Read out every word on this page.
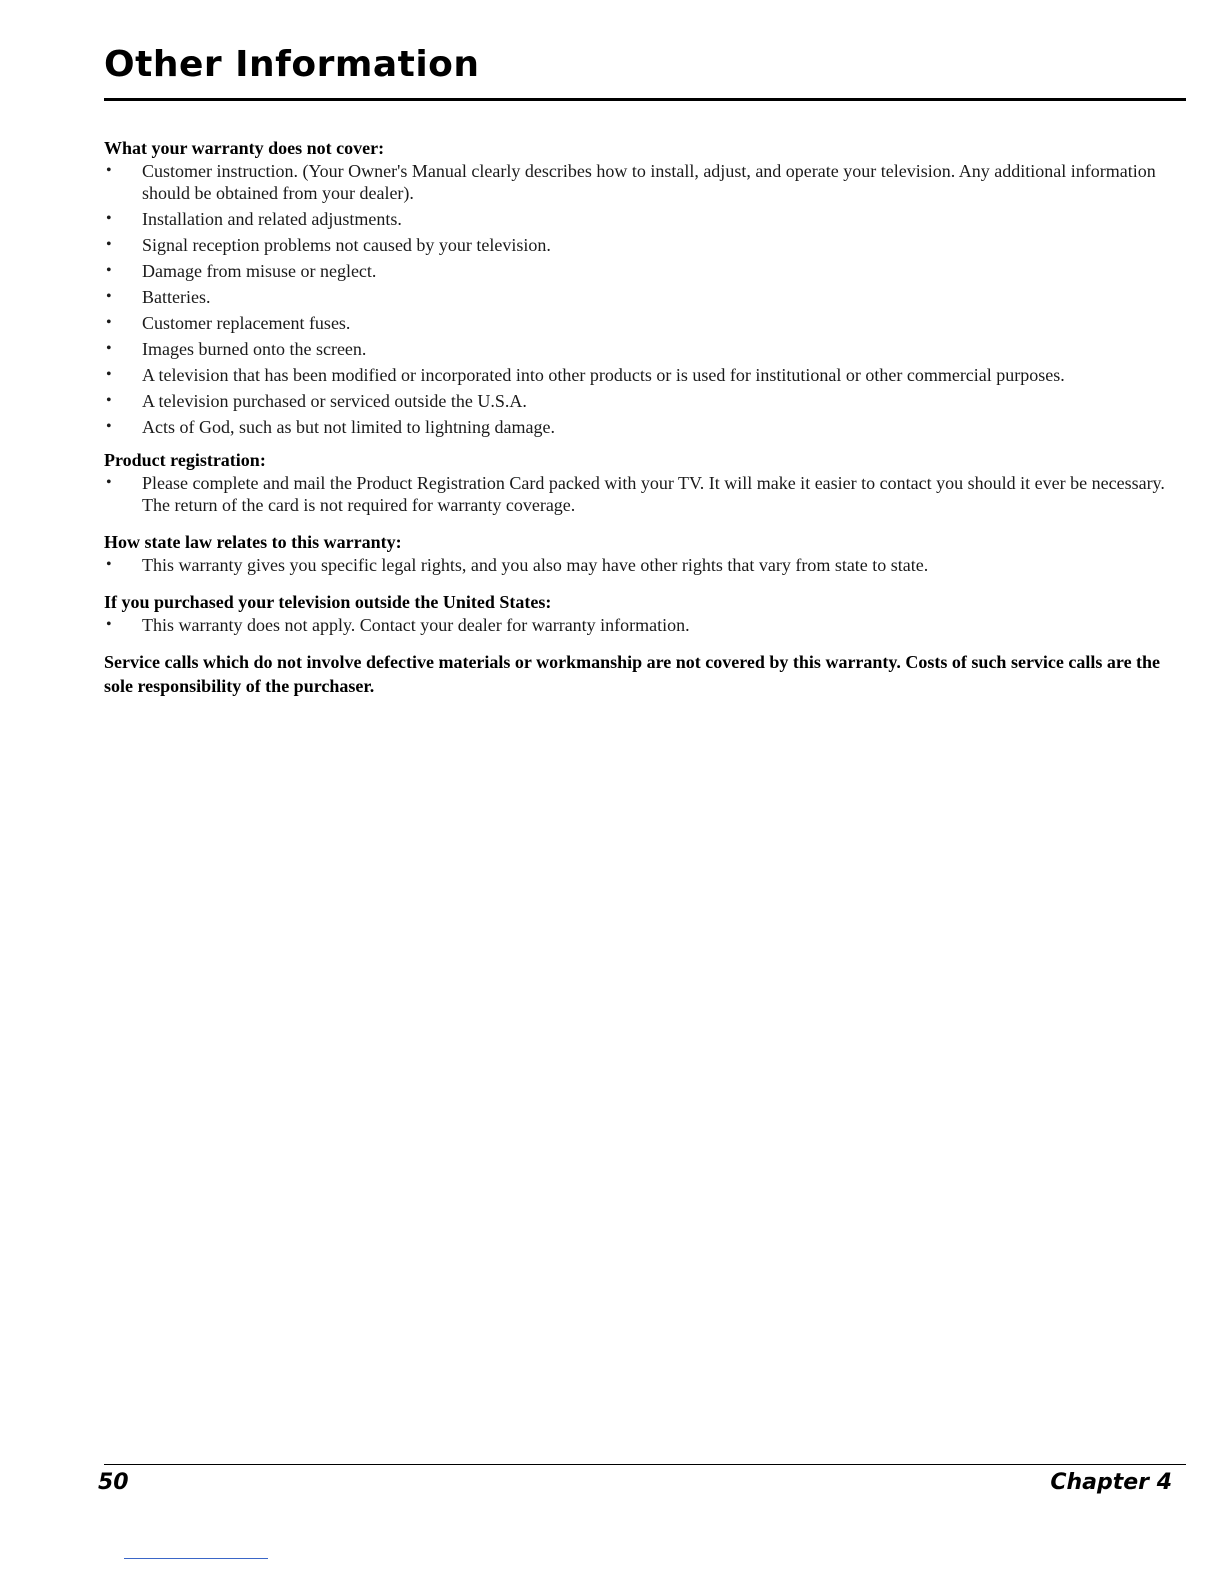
Other Information
What your warranty does not cover:
• Customer instruction. (Your Owner's Manual clearly describes how to install, adjust, and operate your television. Any additional information should be obtained from your dealer).
• Installation and related adjustments.
• Signal reception problems not caused by your television.
• Damage from misuse or neglect.
• Batteries.
• Customer replacement fuses.
• Images burned onto the screen.
• A television that has been modified or incorporated into other products or is used for institutional or other commercial purposes.
• A television purchased or serviced outside the U.S.A.
• Acts of God, such as but not limited to lightning damage.
Product registration:
• Please complete and mail the Product Registration Card packed with your TV. It will make it easier to contact you should it ever be necessary. The return of the card is not required for warranty coverage.
How state law relates to this warranty:
• This warranty gives you specific legal rights, and you also may have other rights that vary from state to state.
If you purchased your television outside the United States:
• This warranty does not apply. Contact your dealer for warranty information.

Service calls which do not involve defective materials or workmanship are not covered by this warranty. Costs of such service calls are the sole responsibility of the purchaser.

50	Chapter 4
